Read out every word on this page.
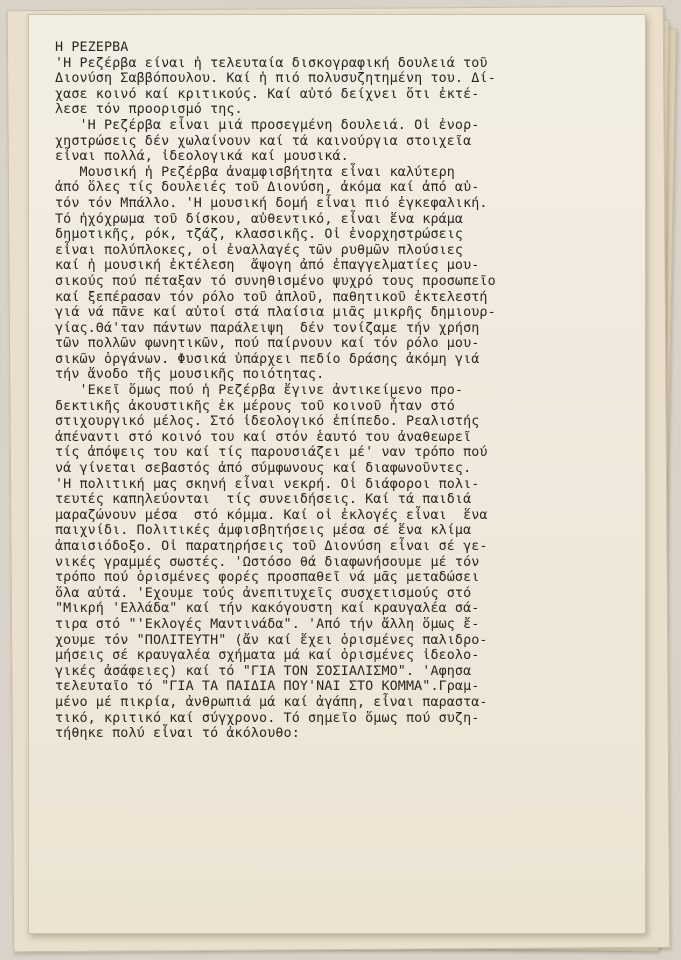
Η ΡΕΖΕΡΒΑ
'Η Ρεζέρβα είναι ἡ τελευταία δισκογραφική δουλειά τοῦ
Διονύση Σαββόπουλου. Καί ἡ πιό πολυσυζητημένη του. Δί-
χασε κοινό καί κριτικούς. Καί αὐτό δείχνει ὅτι ἐκτέ-
λεσε τόν προορισμό της.
'Η Ρεζέρβα εἶναι μιά προσεγμένη δουλειά. Οἱ ἐνορ-
χηστρώσεις δέν χωλαίνουν καί τά καινούργια στοιχεῖα
εἶναι πολλά, ἰδεολογικά καί μουσικά.
Μουσική ἡ Ρεζέρβα ἀναμφισβήτητα εἶναι καλύτερη
ἀπό ὅλες τίς δουλειές τοῦ Διονύση, ἀκόμα καί ἀπό αὐ-
τόν τόν Μπάλλο. 'Η μουσική δομή εἶναι πιό ἐγκεφαλική.
Τό ἠχόχρωμα τοῦ δίσκου, αὐθεντικό, εἶναι ἕνα κράμα
δημοτικῆς, ρόκ, τζάζ, κλασσικῆς. Οἱ ἐνορχηστρώσεις
εἶναι πολύπλοκες, οἱ ἐναλλαγές τῶν ρυθμῶν πλούσιες
καί ἡ μουσική ἐκτέλεση  ἄψογη ἀπό ἐπαγγελματίες μου-
σικούς πού πέταξαν τό συνηθισμένο ψυχρό τους προσωπεῖο
καί ξεπέρασαν τόν ρόλο τοῦ ἁπλοῦ, παθητικοῦ ἐκτελεστή
γιά νά πᾶνε καί αὐτοί στά πλαίσια μιᾶς μικρῆς δημιουρ-
γίας.Θά'ταν πάντων παράλειψη  δέν τονίζαμε τήν χρήση
τῶν πολλῶν φωνητικῶν, πού παίρνουν καί τόν ρόλο μου-
σικῶν ὀργάνων. Φυσικά ὑπάρχει πεδίο δράσης ἀκόμη γιά
τήν ἄνοδο τῆς μουσικῆς ποιότητας.
'Εκεῖ ὅμως πού ἡ Ρεζέρβα ἔγινε ἀντικείμενο προ-
δεκτικῆς ἀκουστικῆς ἐκ μέρους τοῦ κοινοῦ ἦταν στό
στιχουργικό μέλος. Στό ἰδεολογικό ἐπίπεδο. Ρεαλιστής
ἀπέναντι στό κοινό του καί στόν ἑαυτό του ἀναθεωρεῖ
τίς ἀπόψεις του καί τίς παρουσιάζει μέ' ναν τρόπο πού
νά γίνεται σεβαστός ἀπό σύμφωνους καί διαφωνοῦντες.
'Η πολιτική μας σκηνή εἶναι νεκρή. Οἱ διάφοροι πολι-
τευτές καπηλεύονται  τίς συνειδήσεις. Καί τά παιδιά
μαραζώνουν μέσα  στό κόμμα. Καί οἱ ἐκλογές εἶναι  ἕνα
παιχνίδι. Πολιτικές ἀμφισβητήσεις μέσα σέ ἕνα κλίμα
ἀπαισιόδοξο. Οἱ παρατηρήσεις τοῦ Διονύση εἶναι σέ γε-
νικές γραμμές σωστές. 'Ωστόσο θά διαφωνήσουμε μέ τόν
τρόπο πού ὁρισμένες φορές προσπαθεῖ νά μᾶς μεταδώσει
ὅλα αὐτά. 'Εχουμε τούς ἀνεπιτυχεῖς συσχετισμούς στό
"Μικρή 'Ελλάδα" καί τήν κακόγουστη καί κραυγαλέα σά-
τιρα στό "'Εκλογές Μαντινάδα". 'Από τήν ἄλλη ὅμως ἔ-
χουμε τόν "ΠΟΛΙΤΕΥΤΗ" (ἄν καί ἔχει ὁρισμένες παλιδρο-
μήσεις σέ κραυγαλέα σχήματα μά καί ὁρισμένες ἰδεολο-
γικές ἀσάφειες) καί τό "ΓΙΑ ΤΟΝ ΣΟΣΙΑΛΙΣΜΟ". 'Αφησα
τελευταῖο τό "ΓΙΑ ΤΑ ΠΑΙΔΙΑ ΠΟΥ'ΝΑΙ ΣΤΟ ΚΟΜΜΑ".Γραμ-
μένο μέ πικρία, ἀνθρωπιά μά καί ἀγάπη, εἶναι παραστα-
τικό, κριτικό καί σύγχρονο. Τό σημεῖο ὅμως πού συζη-
τήθηκε πολύ εἶναι τό ἀκόλουθο:
